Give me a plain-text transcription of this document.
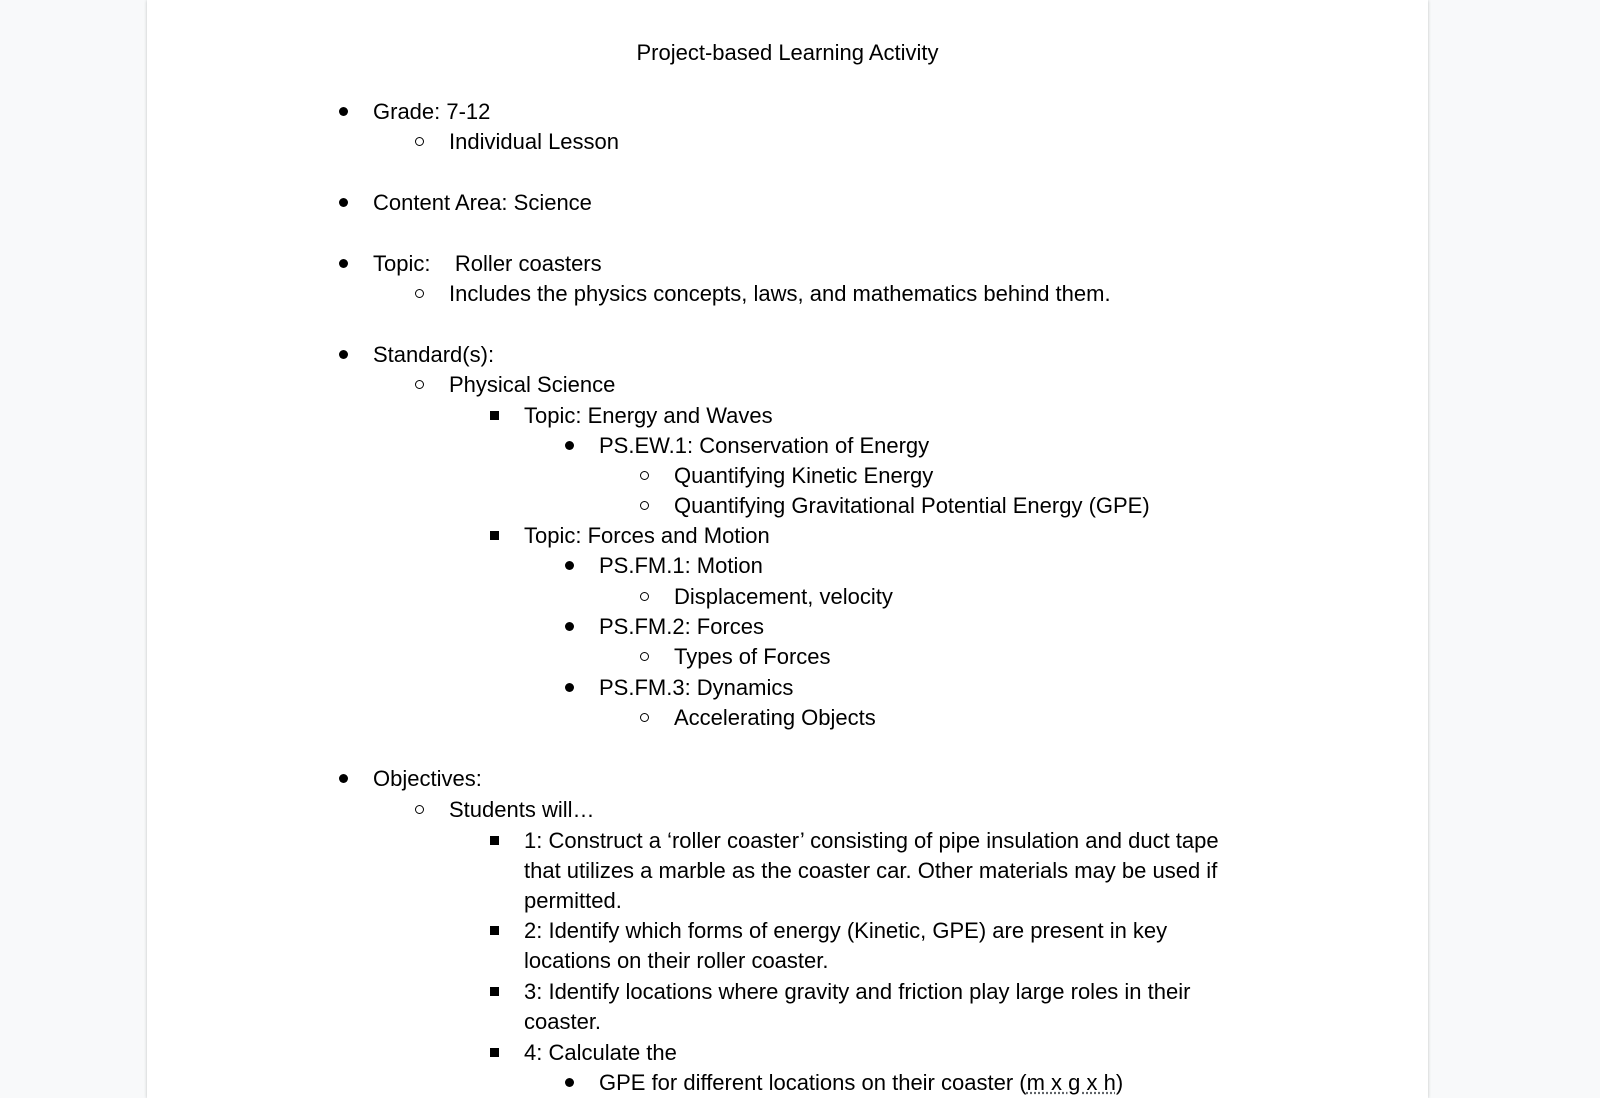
Project-based Learning Activity
Grade: 7-12
Individual Lesson
Content Area: Science
Topic:    Roller coasters
Includes the physics concepts, laws, and mathematics behind them.
Standard(s):
Physical Science
Topic: Energy and Waves
PS.EW.1: Conservation of Energy
Quantifying Kinetic Energy
Quantifying Gravitational Potential Energy (GPE)
Topic: Forces and Motion
PS.FM.1: Motion
Displacement, velocity
PS.FM.2: Forces
Types of Forces
PS.FM.3: Dynamics
Accelerating Objects
Objectives:
Students will…
1: Construct a ‘roller coaster’ consisting of pipe insulation and duct tape
that utilizes a marble as the coaster car. Other materials may be used if
permitted.
2: Identify which forms of energy (Kinetic, GPE) are present in key
locations on their roller coaster.
3: Identify locations where gravity and friction play large roles in their
coaster.
4: Calculate the
GPE for different locations on their coaster (m x g x h)
